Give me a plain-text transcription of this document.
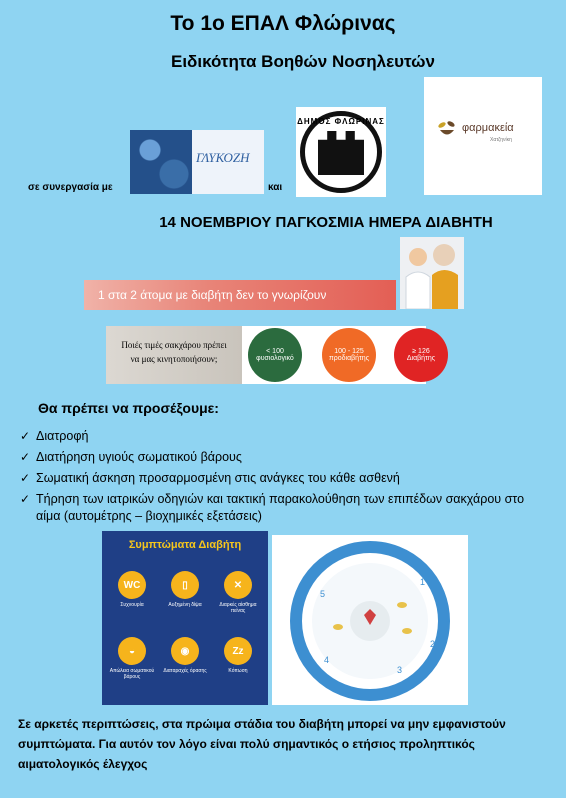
Το 1ο ΕΠΑΛ Φλώρινας
Ειδικότητα Βοηθών Νοσηλευτών
σε συνεργασία με
ΓΛΥΚΟΖΗ
και
ΔΗΜΟΣ ΦΛΩΡΙΝΑΣ
φαρμακεία
Χατζηνίκη
14 ΝΟΕΜΒΡΙΟΥ ΠΑΓΚΟΣΜΙΑ ΗΜΕΡΑ ΔΙΑΒΗΤΗ
1 στα 2 άτομα με διαβήτη δεν το γνωρίζουν
Ποιές τιμές σακχάρου πρέπει
να μας κινητοποιήσουν;
< 100
φυσιολογικό
100 - 125
προδιαβήτης
≥ 126
Διαβήτης
Θα πρέπει να προσέξουμε:
✓ Διατροφή
✓ Διατήρηση υγιούς σωματικού βάρους
✓ Σωματική άσκηση προσαρμοσμένη στις ανάγκες του κάθε ασθενή
✓ Τήρηση των ιατρικών οδηγιών και τακτική παρακολούθηση των επιπέδων σακχάρου στο αίμα (αυτομέτρης – βιοχημικές εξετάσεις)
Συμπτώματα Διαβήτη
WC
Συχνουρία
▯
Αυξημένη δίψα
✕
Διαρκές αίσθημα πείνας
◒
Απώλεια σωματικού βάρους
◉
Διαταραχές όρασης
Zz
Κόπωση
1
2
3
4
5
Σε αρκετές περιπτώσεις, στα πρώιμα στάδια του διαβήτη μπορεί να μην εμφανιστούν συμπτώματα. Για αυτόν τον λόγο είναι πολύ σημαντικός ο ετήσιος προληπτικός αιματολογικός έλεγχος
